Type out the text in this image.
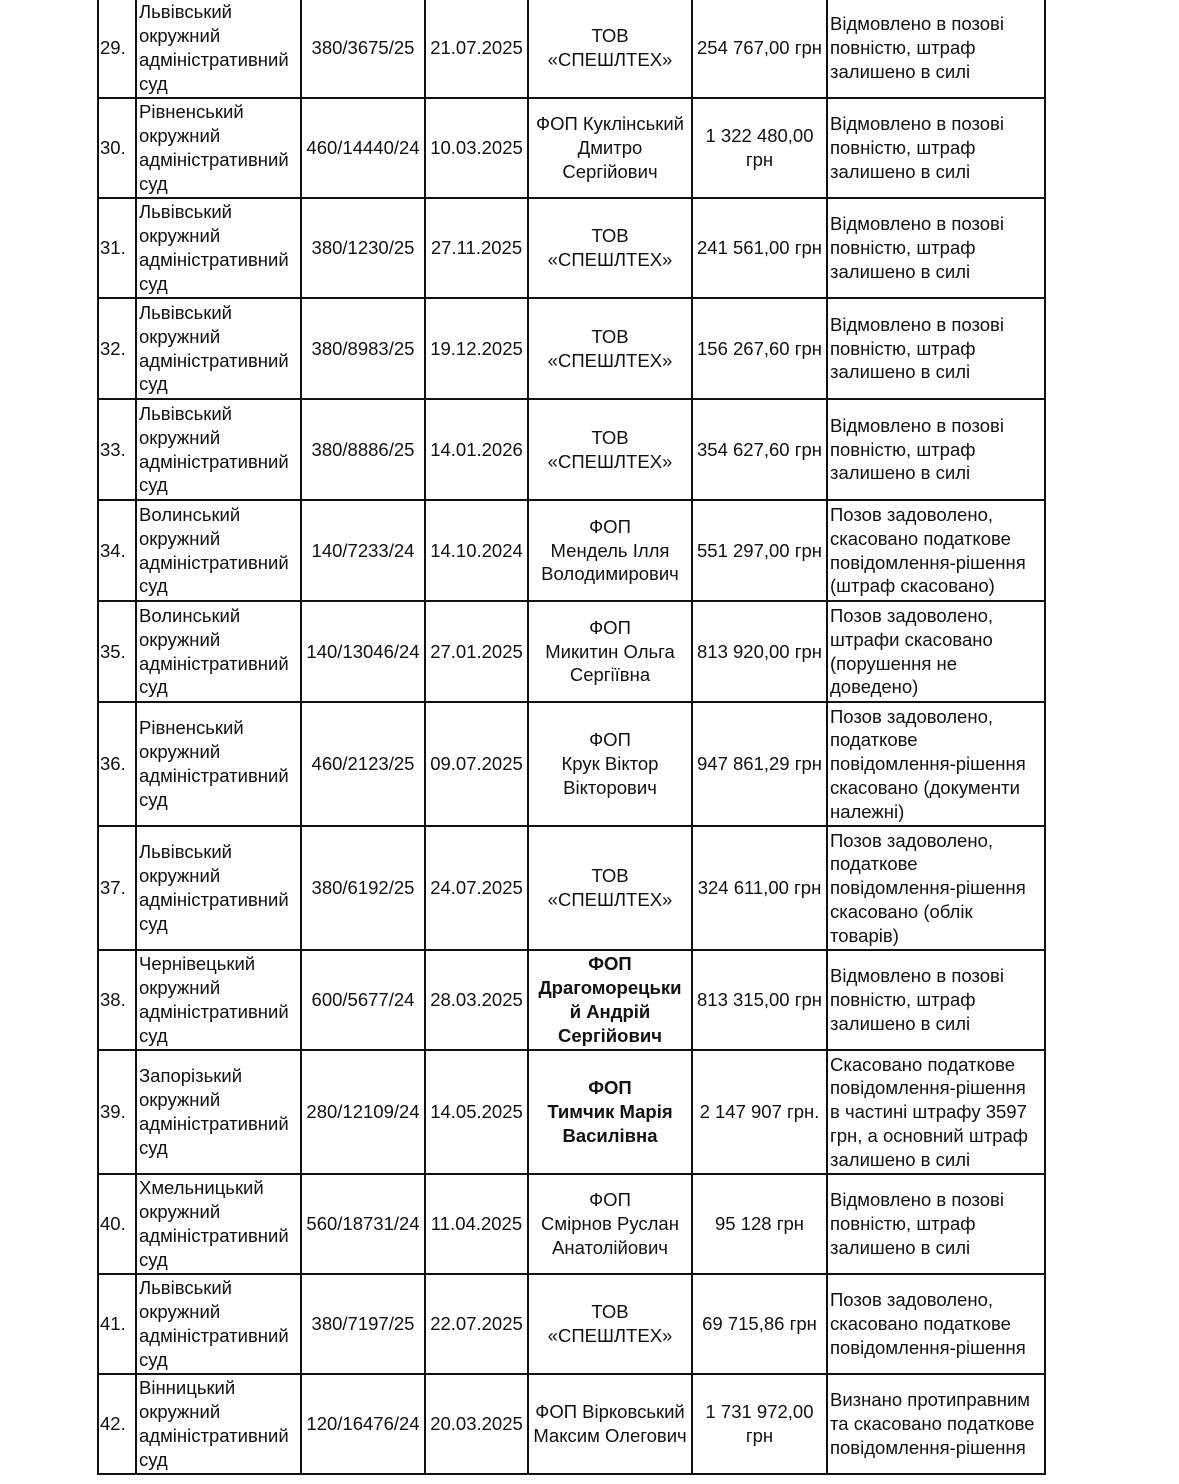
29.	Львівський
окружний
адміністративний
суд	380/3675/25	21.07.2025	ТОВ
«СПЕШЛТЕХ»	254 767,00 грн	Відмовлено в позові
повністю, штраф
залишено в силі

30.	Рівненський
окружний
адміністративний
суд	460/14440/24	10.03.2025	ФОП Куклінський
Дмитро
Сергійович	1 322 480,00
грн	Відмовлено в позові
повністю, штраф
залишено в силі

31.	Львівський
окружний
адміністративний
суд	380/1230/25	27.11.2025	ТОВ
«СПЕШЛТЕХ»	241 561,00 грн	Відмовлено в позові
повністю, штраф
залишено в силі

32.	Львівський
окружний
адміністративний
суд	380/8983/25	19.12.2025	ТОВ
«СПЕШЛТЕХ»	156 267,60 грн	Відмовлено в позові
повністю, штраф
залишено в силі

33.	Львівський
окружний
адміністративний
суд	380/8886/25	14.01.2026	ТОВ
«СПЕШЛТЕХ»	354 627,60 грн	Відмовлено в позові
повністю, штраф
залишено в силі

34.	Волинський
окружний
адміністративний
суд	140/7233/24	14.10.2024	ФОП
Мендель Ілля
Володимирович	551 297,00 грн	Позов задоволено,
скасовано податкове
повідомлення-рішення
(штраф скасовано)

35.	Волинський
окружний
адміністративний
суд	140/13046/24	27.01.2025	ФОП
Микитин Ольга
Сергіївна	813 920,00 грн	Позов задоволено,
штрафи скасовано
(порушення не
доведено)

36.	Рівненський
окружний
адміністративний
суд	460/2123/25	09.07.2025	ФОП
Крук Віктор
Вікторович	947 861,29 грн	Позов задоволено,
податкове
повідомлення-рішення
скасовано (документи
належні)

37.	Львівський
окружний
адміністративний
суд	380/6192/25	24.07.2025	ТОВ
«СПЕШЛТЕХ»	324 611,00 грн	Позов задоволено,
податкове
повідомлення-рішення
скасовано (облік
товарів)

38.	Чернівецький
окружний
адміністративний
суд	600/5677/24	28.03.2025	ФОП
Драгоморецьки
й Андрій
Сергійович	813 315,00 грн	Відмовлено в позові
повністю, штраф
залишено в силі

39.	Запорізький
окружний
адміністративний
суд	280/12109/24	14.05.2025	ФОП
Тимчик Марія
Василівна	2 147 907 грн.	Скасовано податкове
повідомлення-рішення
в частині штрафу 3597
грн, а основний штраф
залишено в силі

40.	Хмельницький
окружний
адміністративний
суд	560/18731/24	11.04.2025	ФОП
Смірнов Руслан
Анатолійович	95 128 грн	Відмовлено в позові
повністю, штраф
залишено в силі

41.	Львівський
окружний
адміністративний
суд	380/7197/25	22.07.2025	ТОВ
«СПЕШЛТЕХ»	69 715,86 грн	Позов задоволено,
скасовано податкове
повідомлення-рішення

42.	Вінницький
окружний
адміністративний
суд	120/16476/24	20.03.2025	ФОП Вірковський
Максим Олегович	1 731 972,00
грн	Визнано протиправним
та скасовано податкове
повідомлення-рішення
